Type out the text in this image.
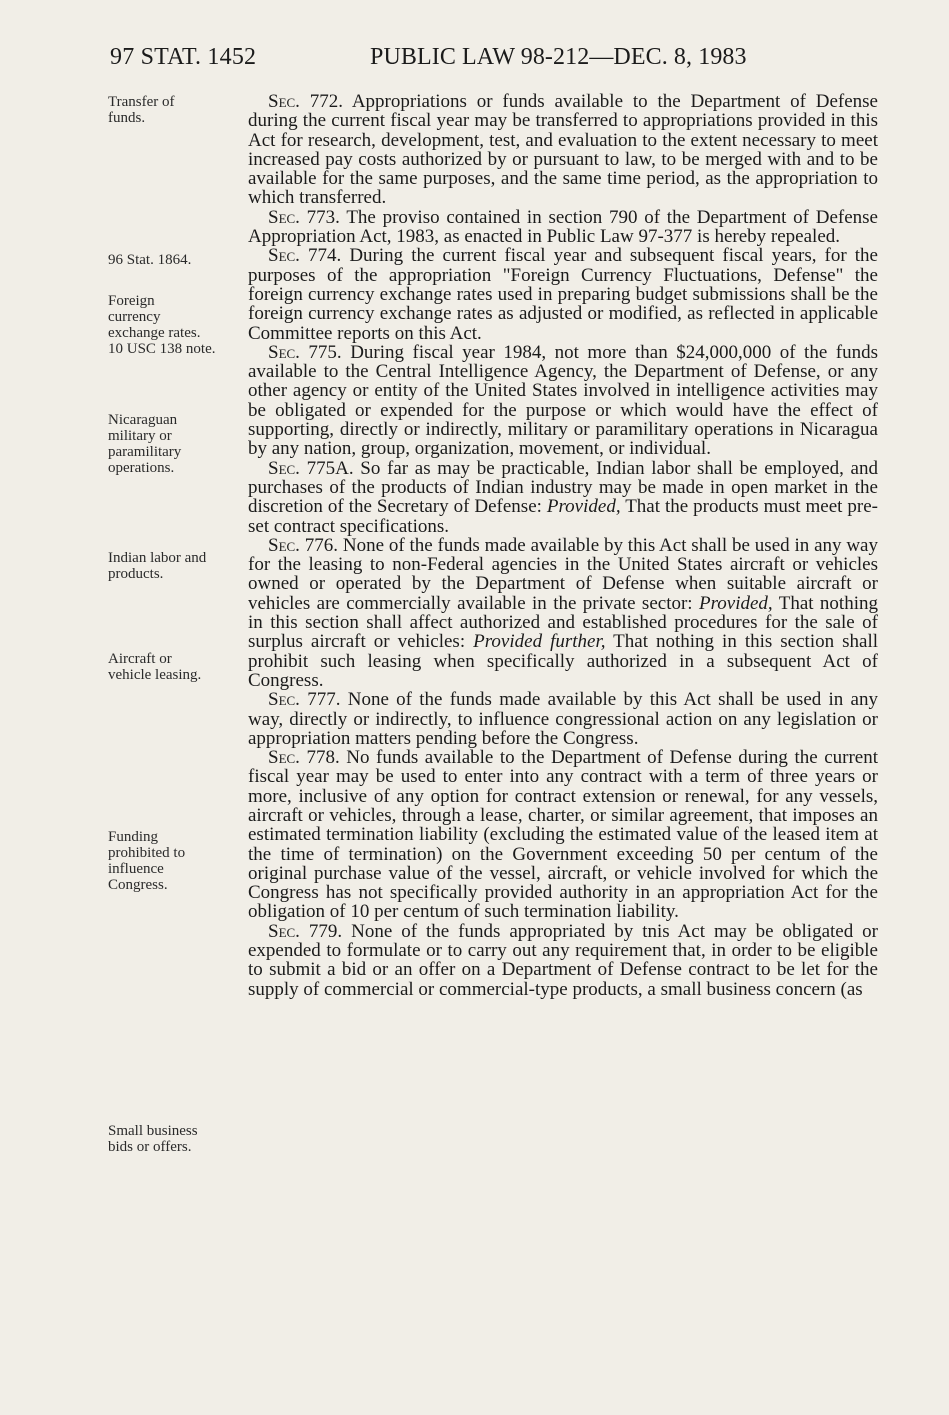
97 STAT. 1452	PUBLIC LAW 98-212—DEC. 8, 1983
Transfer of
funds.
96 Stat. 1864.
Foreign
currency
exchange rates.
10 USC 138 note.
Nicaraguan
military or
paramilitary
operations.
Indian labor and
products.
Aircraft or
vehicle leasing.
Funding
prohibited to
influence
Congress.
Small business
bids or offers.

Sec. 772. Appropriations or funds available to the Department of Defense during the current fiscal year may be transferred to appropriations provided in this Act for research, development, test, and evaluation to the extent necessary to meet increased pay costs authorized by or pursuant to law, to be merged with and to be available for the same purposes, and the same time period, as the appropriation to which transferred.

Sec. 773. The proviso contained in section 790 of the Department of Defense Appropriation Act, 1983, as enacted in Public Law 97-377 is hereby repealed.

Sec. 774. During the current fiscal year and subsequent fiscal years, for the purposes of the appropriation "Foreign Currency Fluctuations, Defense" the foreign currency exchange rates used in preparing budget submissions shall be the foreign currency exchange rates as adjusted or modified, as reflected in applicable Committee reports on this Act.

Sec. 775. During fiscal year 1984, not more than $24,000,000 of the funds available to the Central Intelligence Agency, the Department of Defense, or any other agency or entity of the United States involved in intelligence activities may be obligated or expended for the purpose or which would have the effect of supporting, directly or indirectly, military or paramilitary operations in Nicaragua by any nation, group, organization, movement, or individual.

Sec. 775A. So far as may be practicable, Indian labor shall be employed, and purchases of the products of Indian industry may be made in open market in the discretion of the Secretary of Defense: Provided, That the products must meet pre-set contract specifications.

Sec. 776. None of the funds made available by this Act shall be used in any way for the leasing to non-Federal agencies in the United States aircraft or vehicles owned or operated by the Department of Defense when suitable aircraft or vehicles are commercially available in the private sector: Provided, That nothing in this section shall affect authorized and established procedures for the sale of surplus aircraft or vehicles: Provided further, That nothing in this section shall prohibit such leasing when specifically authorized in a subsequent Act of Congress.

Sec. 777. None of the funds made available by this Act shall be used in any way, directly or indirectly, to influence congressional action on any legislation or appropriation matters pending before the Congress.

Sec. 778. No funds available to the Department of Defense during the current fiscal year may be used to enter into any contract with a term of three years or more, inclusive of any option for contract extension or renewal, for any vessels, aircraft or vehicles, through a lease, charter, or similar agreement, that imposes an estimated termination liability (excluding the estimated value of the leased item at the time of termination) on the Government exceeding 50 per centum of the original purchase value of the vessel, aircraft, or vehicle involved for which the Congress has not specifically provided authority in an appropriation Act for the obligation of 10 per centum of such termination liability.

Sec. 779. None of the funds appropriated by tnis Act may be obligated or expended to formulate or to carry out any requirement that, in order to be eligible to submit a bid or an offer on a Department of Defense contract to be let for the supply of commercial or commercial-type products, a small business concern (as
